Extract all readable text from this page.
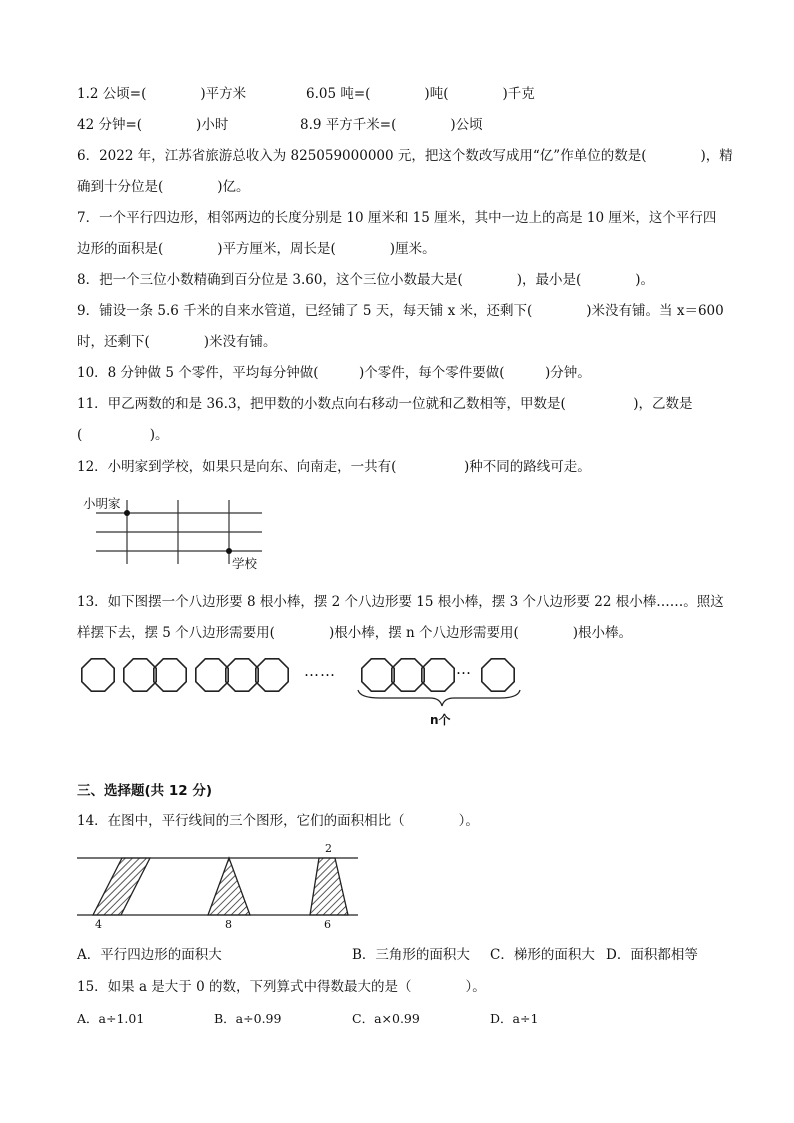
1.2 公顷=(　　　　)平方米	6.05 吨=(　　　　)吨(　　　　)千克
42 分钟=(　　　　)小时	8.9 平方千米=(　　　　)公顷
6．2022 年，江苏省旅游总收入为 825059000000 元，把这个数改写成用“亿”作单位的数是(　　　　)，精
确到十分位是(　　　　)亿。
7．一个平行四边形，相邻两边的长度分别是 10 厘米和 15 厘米，其中一边上的高是 10 厘米，这个平行四
边形的面积是(　　　　)平方厘米，周长是(　　　　)厘米。
8．把一个三位小数精确到百分位是 3.60，这个三位小数最大是(　　　　)，最小是(　　　　)。
9．铺设一条 5.6 千米的自来水管道，已经铺了 5 天，每天铺 x 米，还剩下(　　　　)米没有铺。当 x＝600
时，还剩下(　　　　)米没有铺。
10．8 分钟做 5 个零件，平均每分钟做(　　　)个零件，每个零件要做(　　　)分钟。
11．甲乙两数的和是 36.3，把甲数的小数点向右移动一位就和乙数相等，甲数是(　　　　　)，乙数是
(　　　　　)。
12．小明家到学校，如果只是向东、向南走，一共有(　　　　　)种不同的路线可走。
小明家
学校
13．如下图摆一个八边形要 8 根小棒，摆 2 个八边形要 15 根小棒，摆 3 个八边形要 22 根小棒……。照这
样摆下去，摆 5 个八边形需要用(　　　　)根小棒，摆 n 个八边形需要用(　　　　)根小棒。
……	…
n个
三、选择题(共 12 分)
14．在图中，平行线间的三个图形，它们的面积相比（　　　　）。
4	8
2
6
A．平行四边形的面积大	B．三角形的面积大 C．梯形的面积大 D．面积都相等
15．如果 a 是大于 0 的数，下列算式中得数最大的是（　　　　）。
A．a÷1.01	B．a÷0.99	C．a×0.99	D．a÷1
